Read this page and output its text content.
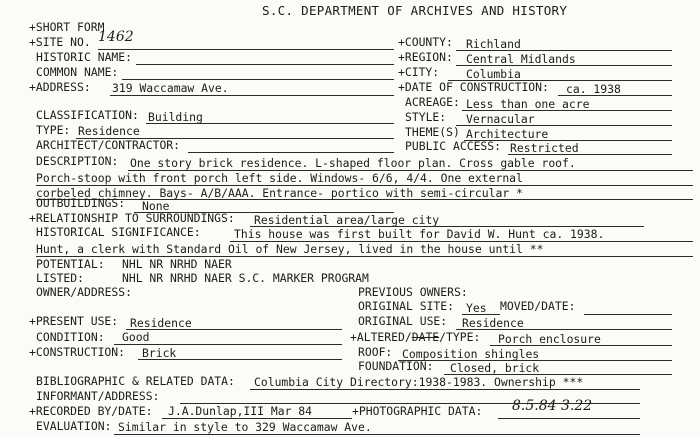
S.C. DEPARTMENT OF ARCHIVES AND HISTORY
+SHORT FORM
+SITE NO. 1462
HISTORIC NAME:
COMMON NAME:
+ADDRESS: 319 Waccamaw Ave.
CLASSIFICATION: Building
TYPE: Residence
ARCHITECT/CONTRACTOR:
+COUNTY: Richland
+REGION: Central Midlands
+CITY: Columbia
+DATE OF CONSTRUCTION: ca. 1938
ACREAGE: Less than one acre
STYLE: Vernacular
THEME(S) Architecture
PUBLIC ACCESS: Restricted
DESCRIPTION: One story brick residence. L-shaped floor plan. Cross gable roof.
Porch-stoop with front porch left side. Windows- 6/6, 4/4. One external
corbeled chimney. Bays- A/B/AAA. Entrance- portico with semi-circular *
OUTBUILDINGS: None
+RELATIONSHIP TO SURROUNDINGS: Residential area/large city
HISTORICAL SIGNIFICANCE:	This house was first built for David W. Hunt ca. 1938.
Hunt, a clerk with Standard Oil of New Jersey, lived in the house until **
POTENTIAL: NHL NR NRHD NAER
LISTED:	NHL NR NRHD NAER S.C. MARKER PROGRAM
OWNER/ADDRESS:	PREVIOUS OWNERS:
ORIGINAL SITE: Yes MOVED/DATE:
+PRESENT USE: Residence	ORIGINAL USE: Residence
CONDITION: Good	+ALTERED/DATE/TYPE: Porch enclosure
+CONSTRUCTION: Brick	ROOF: Composition shingles
FOUNDATION: Closed, brick
BIBLIOGRAPHIC & RELATED DATA: Columbia City Directory:1938-1983. Ownership ***
INFORMANT/ADDRESS:
+RECORDED BY/DATE: J.A.Dunlap,III Mar 84	+PHOTOGRAPHIC DATA: 8.5.84 3.22
EVALUATION: Similar in style to 329 Waccamaw Ave.
